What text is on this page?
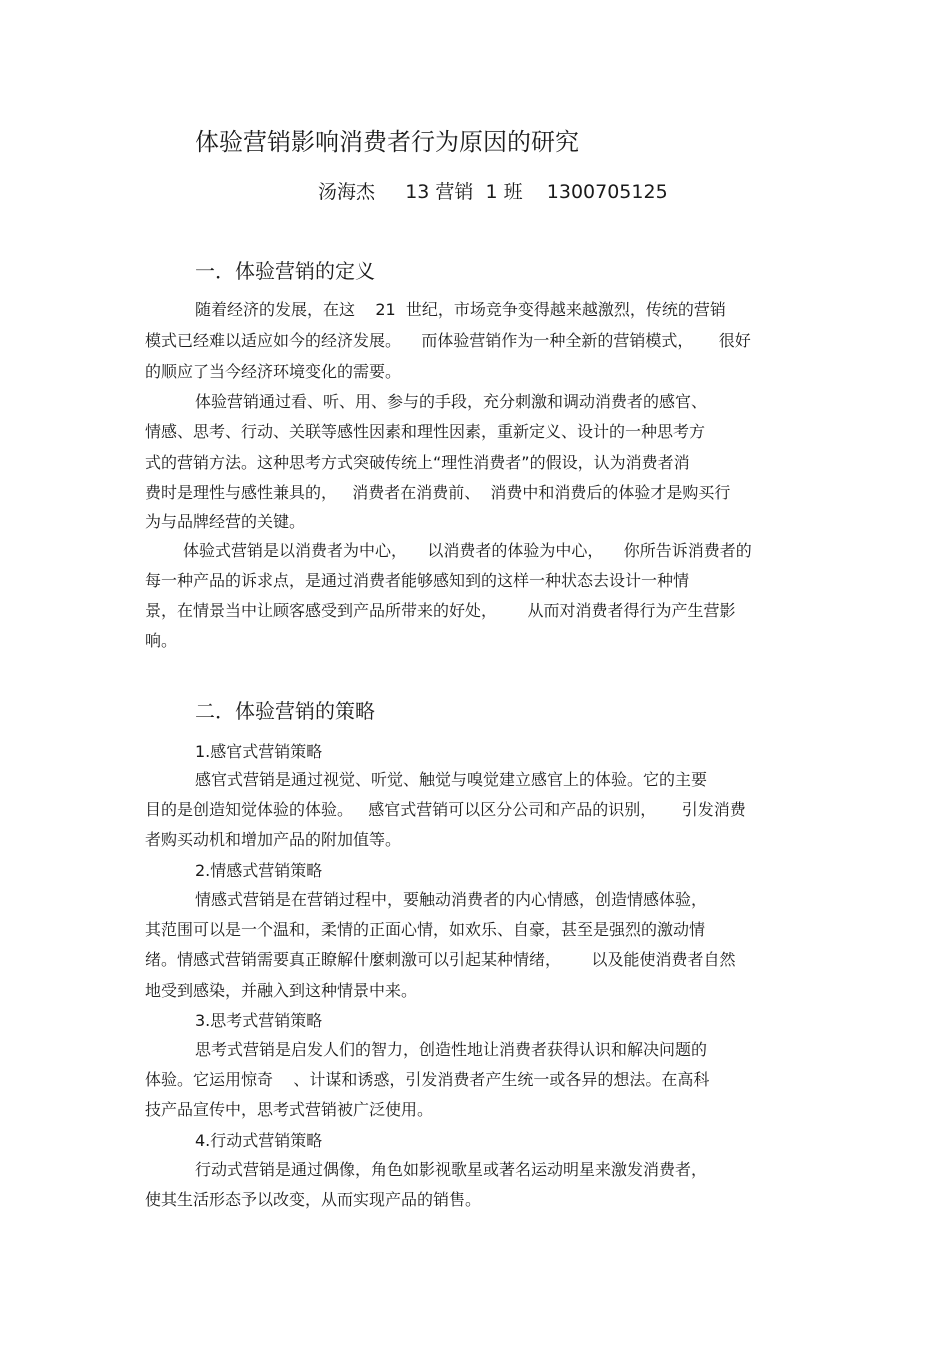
体验营销影响消费者行为原因的研究
汤海杰     13 营销  1 班    1300705125
一．体验营销的定义
随着经济的发展，在这    21  世纪，市场竞争变得越来越激烈，传统的营销
模式已经难以适应如今的经济发展。    而体验营销作为一种全新的营销模式，     很好
的顺应了当今经济环境变化的需要。
体验营销通过看、听、用、参与的手段，充分刺激和调动消费者的感官、
情感、思考、行动、关联等感性因素和理性因素，重新定义、设计的一种思考方
式的营销方法。这种思考方式突破传统上“理性消费者”的假设，认为消费者消
费时是理性与感性兼具的，   消费者在消费前、  消费中和消费后的体验才是购买行
为与品牌经营的关键。
体验式营销是以消费者为中心，    以消费者的体验为中心，    你所告诉消费者的
每一种产品的诉求点，是通过消费者能够感知到的这样一种状态去设计一种情
景，在情景当中让顾客感受到产品所带来的好处，      从而对消费者得行为产生营影
响。
二．体验营销的策略
1.感官式营销策略
感官式营销是通过视觉、听觉、触觉与嗅觉建立感官上的体验。它的主要
目的是创造知觉体验的体验。   感官式营销可以区分公司和产品的识别，     引发消费
者购买动机和增加产品的附加值等。
2.情感式营销策略
情感式营销是在营销过程中，要触动消费者的内心情感，创造情感体验，
其范围可以是一个温和，柔情的正面心情，如欢乐、自豪，甚至是强烈的激动情
绪。情感式营销需要真正瞭解什麼刺激可以引起某种情绪，      以及能使消费者自然
地受到感染，并融入到这种情景中来。
3.思考式营销策略
思考式营销是启发人们的智力，创造性地让消费者获得认识和解决问题的
体验。它运用惊奇    、计谋和诱惑，引发消费者产生统一或各异的想法。在高科
技产品宣传中，思考式营销被广泛使用。
4.行动式营销策略
行动式营销是通过偶像，角色如影视歌星或著名运动明星来激发消费者，
使其生活形态予以改变，从而实现产品的销售。
